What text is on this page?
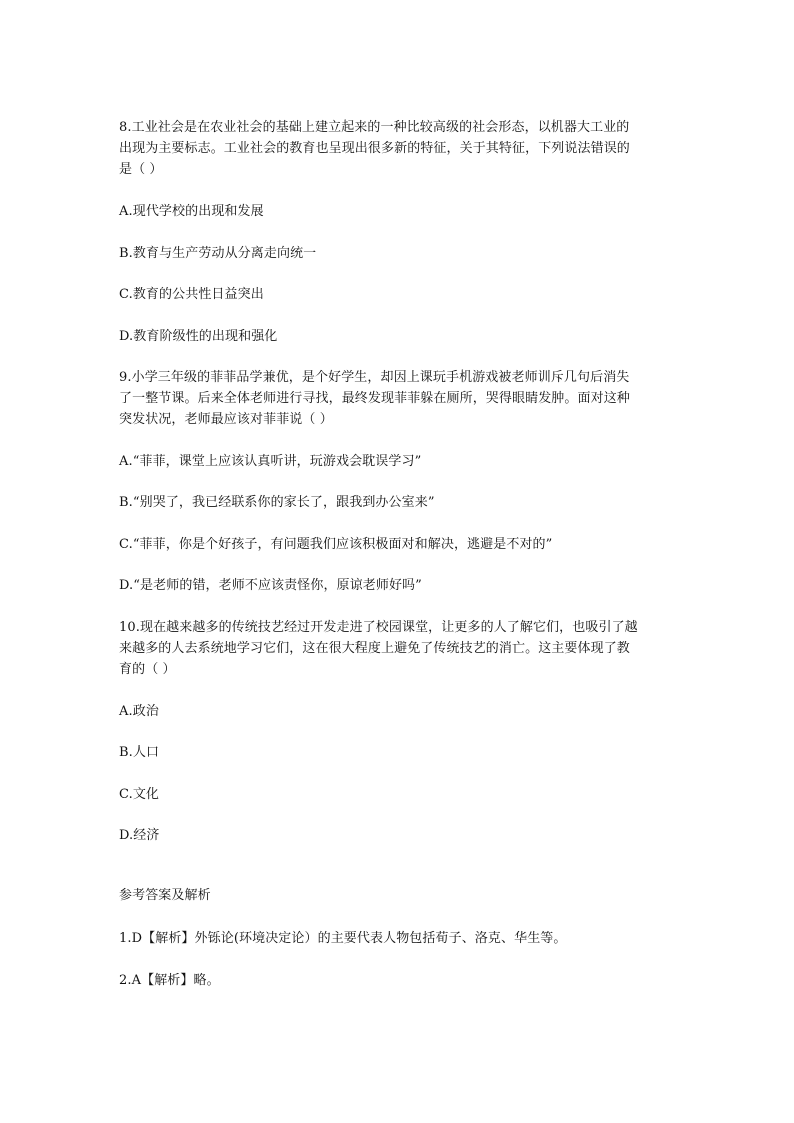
8.工业社会是在农业社会的基础上建立起来的一种比较高级的社会形态，以机器大工业的
出现为主要标志。工业社会的教育也呈现出很多新的特征，关于其特征，下列说法错误的
是（ ）
A.现代学校的出现和发展
B.教育与生产劳动从分离走向统一
C.教育的公共性日益突出
D.教育阶级性的出现和强化
9.小学三年级的菲菲品学兼优，是个好学生，却因上课玩手机游戏被老师训斥几句后消失
了一整节课。后来全体老师进行寻找，最终发现菲菲躲在厕所，哭得眼睛发肿。面对这种
突发状况，老师最应该对菲菲说（ ）
A.“菲菲，课堂上应该认真听讲，玩游戏会耽误学习”
B.“别哭了，我已经联系你的家长了，跟我到办公室来”
C.“菲菲，你是个好孩子，有问题我们应该积极面对和解决，逃避是不对的”
D.“是老师的错，老师不应该责怪你，原谅老师好吗”
10.现在越来越多的传统技艺经过开发走进了校园课堂，让更多的人了解它们，也吸引了越
来越多的人去系统地学习它们，这在很大程度上避免了传统技艺的消亡。这主要体现了教
育的（ ）
A.政治
B.人口
C.文化
D.经济
参考答案及解析
1.D【解析】外铄论(环境决定论）的主要代表人物包括荀子、洛克、华生等。
2.A【解析】略。
